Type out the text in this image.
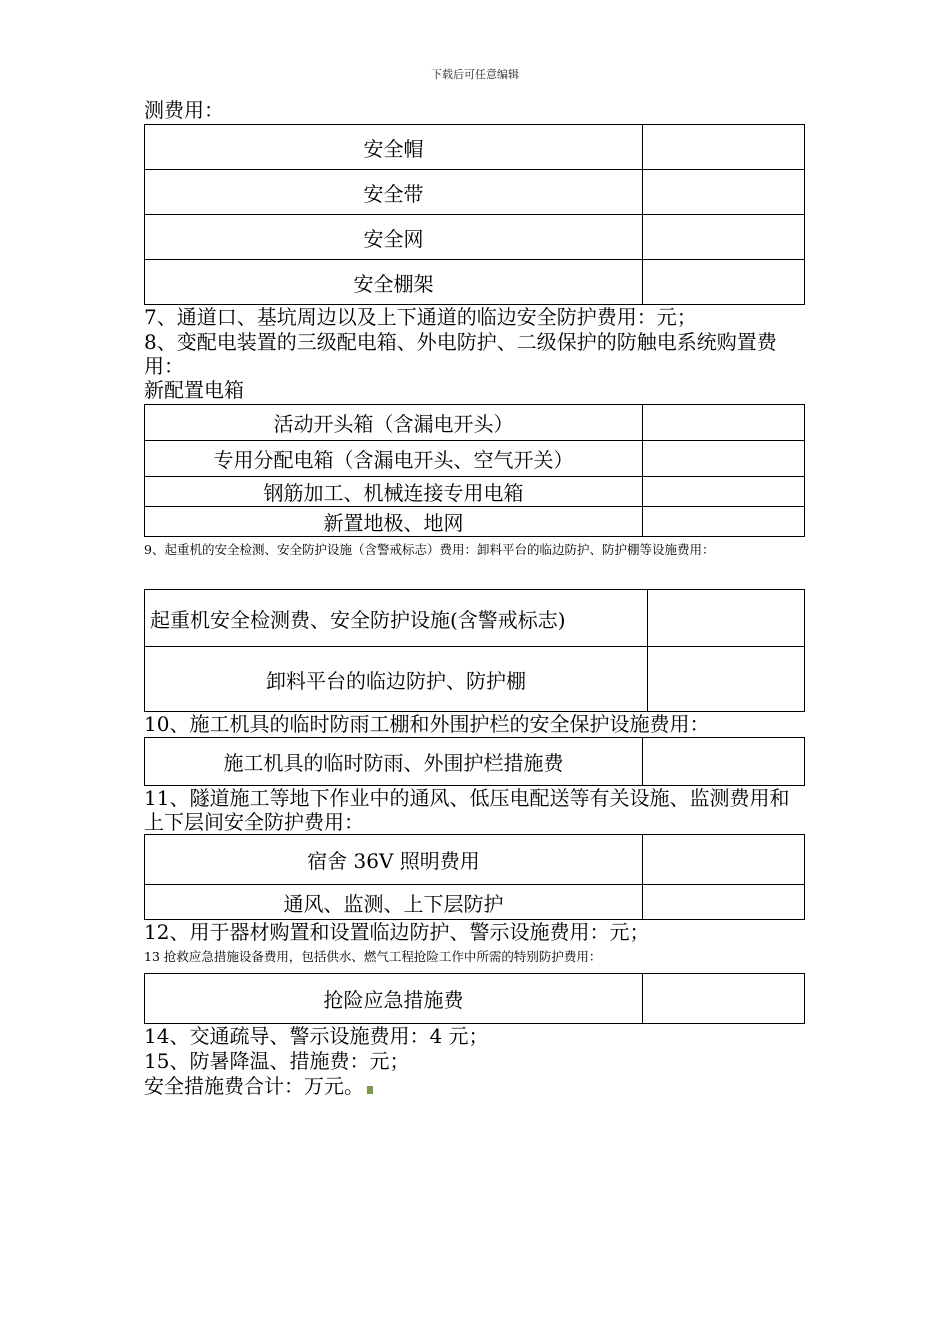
下载后可任意编辑
测费用：
安全帽	
安全带	
安全网	
安全棚架	
7、通道口、基坑周边以及上下通道的临边安全防护费用：元；
8、变配电装置的三级配电箱、外电防护、二级保护的防触电系统购置费用：
新配置电箱
活动开头箱（含漏电开头）	
专用分配电箱（含漏电开头、空气开关）	
钢筋加工、机械连接专用电箱	
新置地极、地网	
9、起重机的安全检测、安全防护设施（含警戒标志）费用：卸料平台的临边防护、防护棚等设施费用：
起重机安全检测费、安全防护设施(含警戒标志)	
卸料平台的临边防护、防护棚	
10、施工机具的临时防雨工棚和外围护栏的安全保护设施费用：
施工机具的临时防雨、外围护栏措施费	
11、隧道施工等地下作业中的通风、低压电配送等有关设施、监测费用和上下层间安全防护费用：
宿舍 36V 照明费用	
通风、监测、上下层防护	
12、用于器材购置和设置临边防护、警示设施费用：元；
13 抢救应急措施设备费用，包括供水、燃气工程抢险工作中所需的特别防护费用：
抢险应急措施费	
14、交通疏导、警示设施费用：4 元；
15、防暑降温、措施费：元；
安全措施费合计：万元。
